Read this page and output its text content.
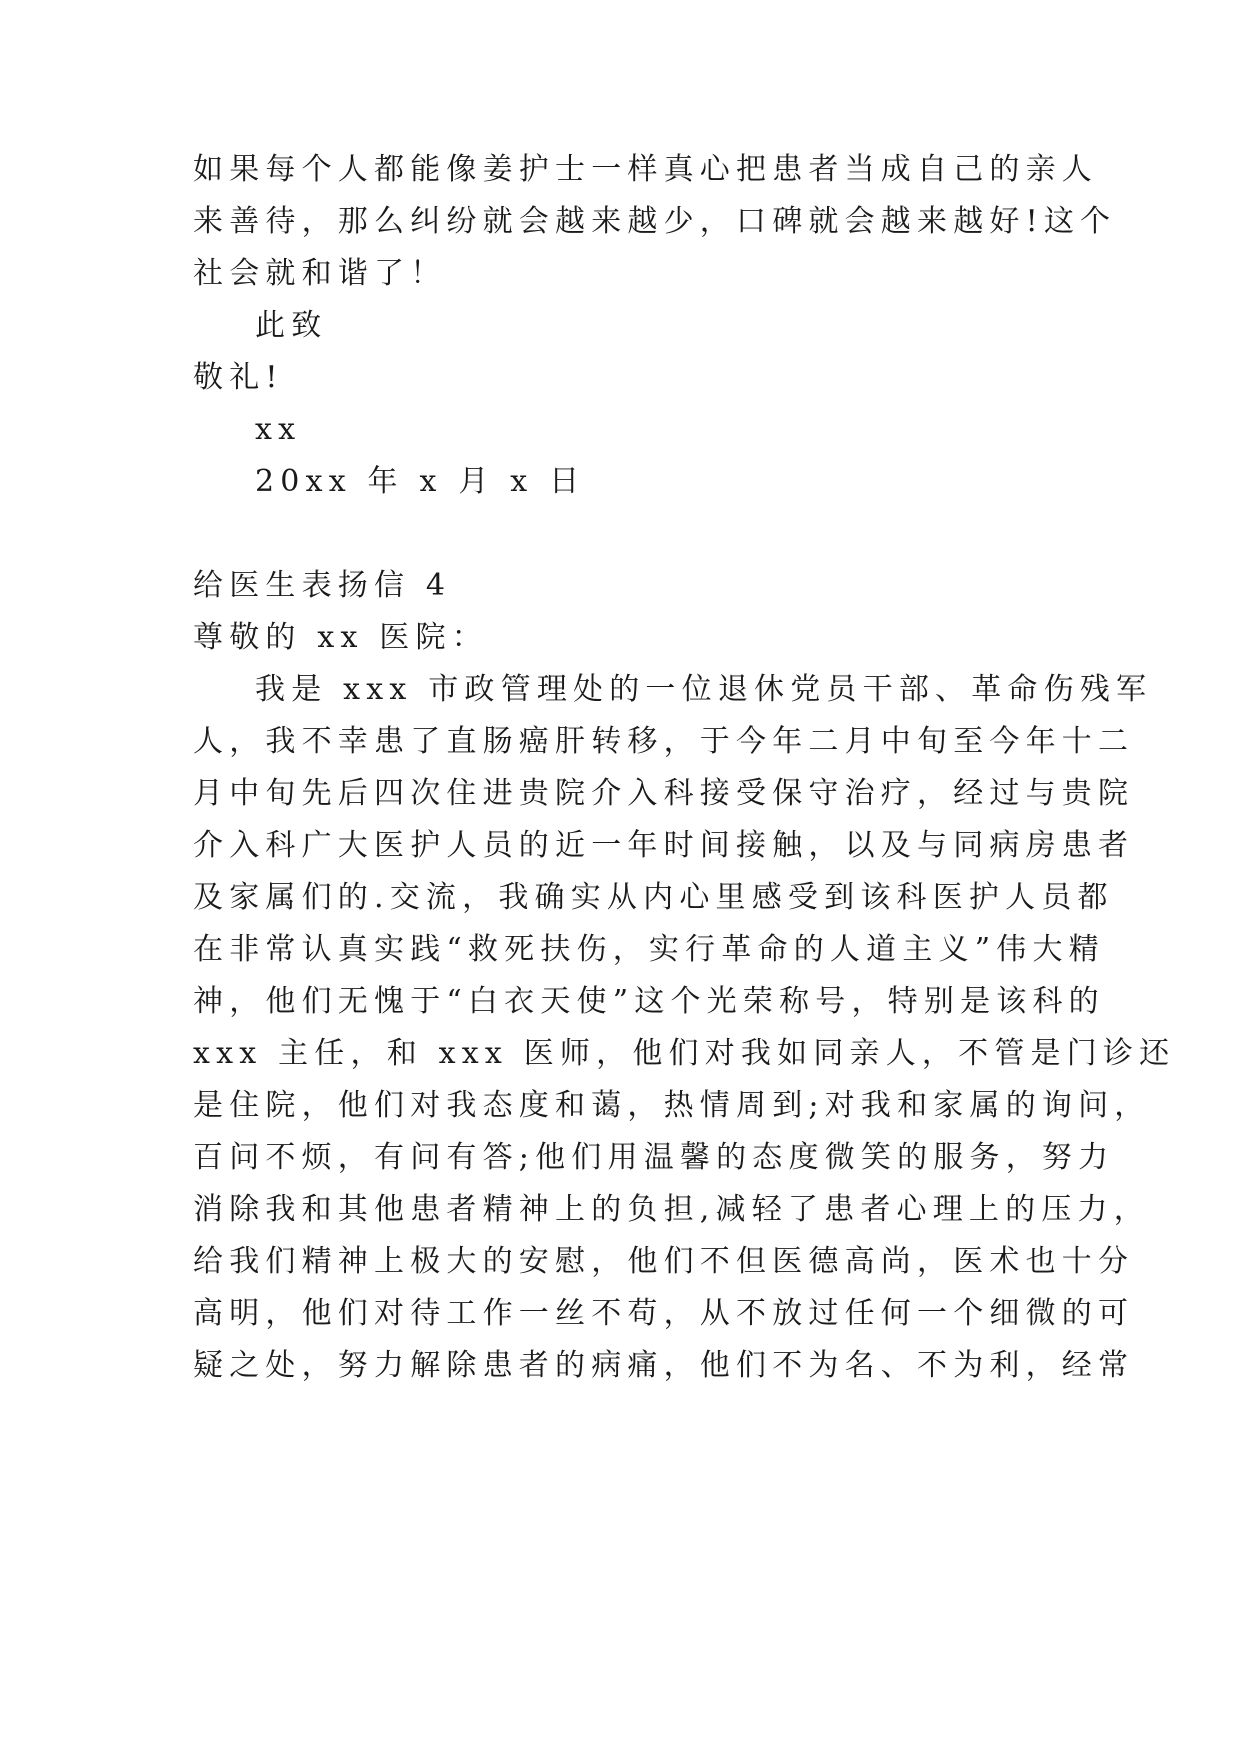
如果每个人都能像姜护士一样真心把患者当成自己的亲人
来善待，那么纠纷就会越来越少，口碑就会越来越好!这个
社会就和谐了！
此致
敬礼!
xx
20xx 年 x 月 x 日
给医生表扬信 4
尊敬的 xx 医院：
我是 xxx 市政管理处的一位退休党员干部、革命伤残军
人，我不幸患了直肠癌肝转移，于今年二月中旬至今年十二
月中旬先后四次住进贵院介入科接受保守治疗，经过与贵院
介入科广大医护人员的近一年时间接触，以及与同病房患者
及家属们的.交流，我确实从内心里感受到该科医护人员都
在非常认真实践“救死扶伤，实行革命的人道主义”伟大精
神，他们无愧于“白衣天使”这个光荣称号，特别是该科的
xxx 主任，和 xxx 医师，他们对我如同亲人，不管是门诊还
是住院，他们对我态度和蔼，热情周到;对我和家属的询问，
百问不烦，有问有答;他们用温馨的态度微笑的服务，努力
消除我和其他患者精神上的负担,减轻了患者心理上的压力，
给我们精神上极大的安慰，他们不但医德高尚，医术也十分
高明，他们对待工作一丝不苟，从不放过任何一个细微的可
疑之处，努力解除患者的病痛，他们不为名、不为利，经常
